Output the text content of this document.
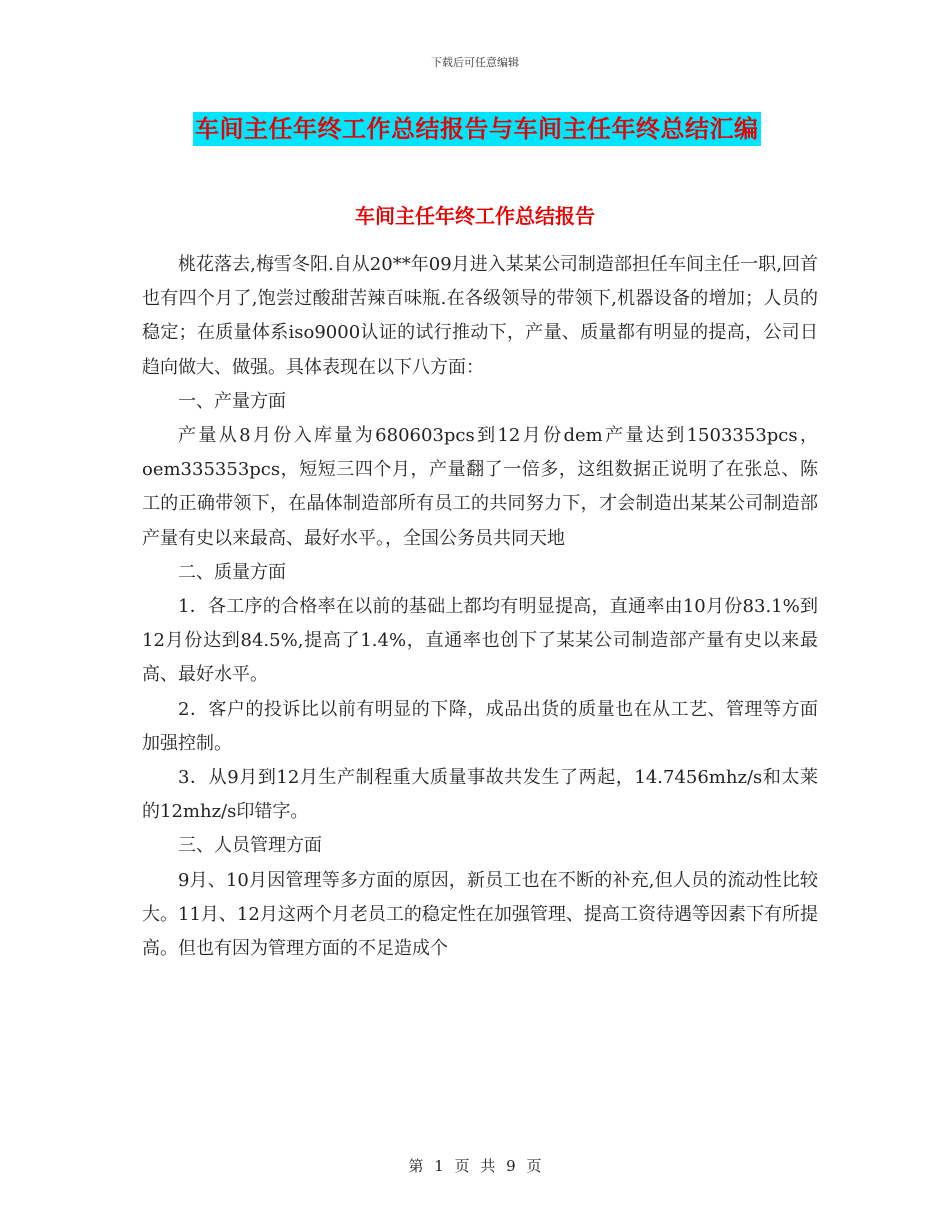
下载后可任意编辑
车间主任年终工作总结报告与车间主任年终总结汇编
车间主任年终工作总结报告

桃花落去,梅雪冬阳.自从20**年09月进入某某公司制造部担任车间主任一职,回首也有四个月了,饱尝过酸甜苦辣百味瓶.在各级领导的带领下,机器设备的增加；人员的稳定；在质量体系iso9000认证的试行推动下，产量、质量都有明显的提高，公司日趋向做大、做强。具体表现在以下八方面：

一、产量方面

产量从8月份入库量为680603pcs到12月份dem产量达到1503353pcs，oem335353pcs，短短三四个月，产量翻了一倍多，这组数据正说明了在张总、陈工的正确带领下，在晶体制造部所有员工的共同努力下，才会制造出某某公司制造部产量有史以来最高、最好水平。，全国公务员共同天地

二、质量方面

1．各工序的合格率在以前的基础上都均有明显提高，直通率由10月份83.1%到12月份达到84.5%,提高了1.4%，直通率也创下了某某公司制造部产量有史以来最高、最好水平。

2．客户的投诉比以前有明显的下降，成品出货的质量也在从工艺、管理等方面加强控制。

3．从9月到12月生产制程重大质量事故共发生了两起，14.7456mhz/s和太莱的12mhz/s印错字。

三、人员管理方面

9月、10月因管理等多方面的原因，新员工也在不断的补充,但人员的流动性比较大。11月、12月这两个月老员工的稳定性在加强管理、提高工资待遇等因素下有所提高。但也有因为管理方面的不足造成个

第 1 页 共 9 页
